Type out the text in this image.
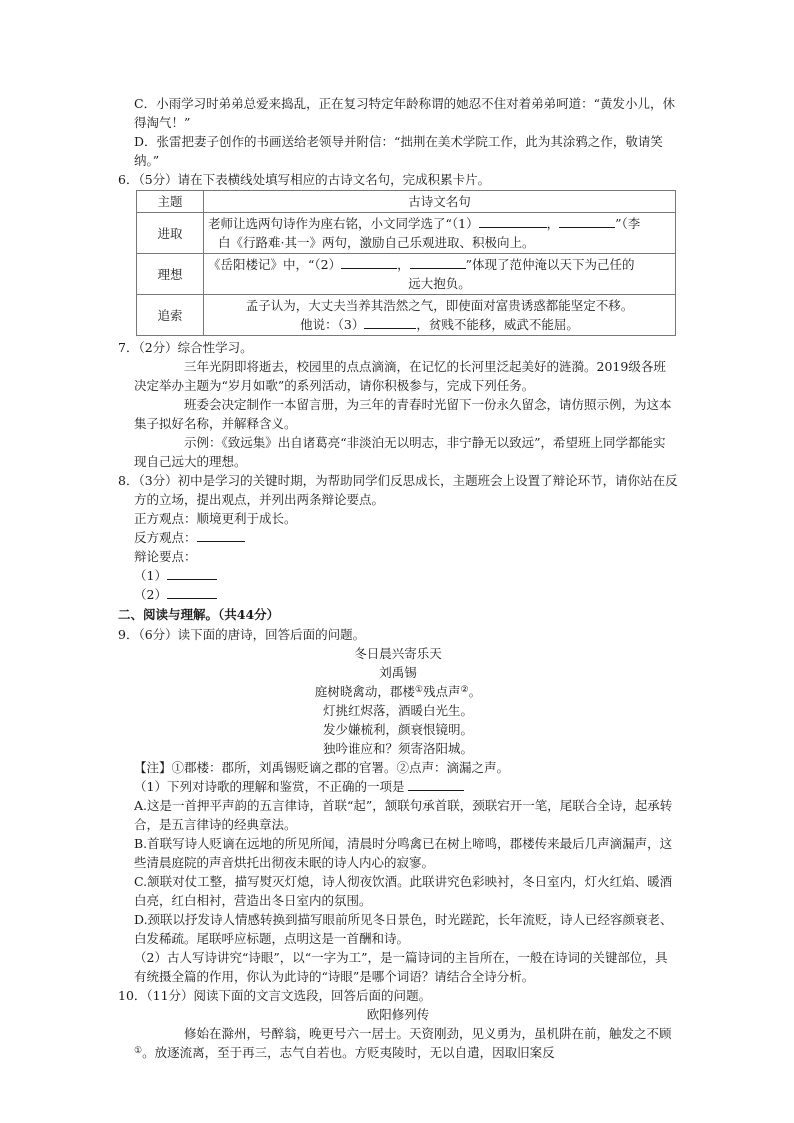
C．小雨学习时弟弟总爱来捣乱，正在复习特定年龄称谓的她忍不住对着弟弟呵道：“黄发小儿，休得淘气！”

D．张雷把妻子创作的书画送给老领导并附信：“拙荆在美术学院工作，此为其涂鸦之作，敬请笑纳。”

6．（5分）请在下表横线处填写相应的古诗文名句，完成积累卡片。

主题	古诗文名句
进取	老师让选两句诗作为座右铭，小文同学选了“（1） ， ”（李
白《行路难·其一》两句，激励自己乐观进取、积极向上。

理想	《岳阳楼记》中，“（2） ， ”体现了范仲淹以天下为己任的
远大抱负。

追索	孟子认为，大丈夫当养其浩然之气，即使面对富贵诱惑都能坚定不移。
他说：（3） ，贫贱不能移，威武不能屈。

7．（2分）综合性学习。

三年光阴即将逝去，校园里的点点滴滴，在记忆的长河里泛起美好的涟漪。2019级各班决定举办主题为“岁月如歌”的系列活动，请你积极参与，完成下列任务。

班委会决定制作一本留言册，为三年的青春时光留下一份永久留念，请仿照示例，为这本集子拟好名称，并解释含义。

示例：《致远集》出自诸葛亮“非淡泊无以明志，非宁静无以致远”，希望班上同学都能实现自己远大的理想。

8．（3分）初中是学习的关键时期，为帮助同学们反思成长，主题班会上设置了辩论环节，请你站在反方的立场，提出观点，并列出两条辩论要点。

正方观点：顺境更利于成长。

反方观点：

辩论要点：

（1）

（2）

二、阅读与理解。（共44分）

9．（6分）读下面的唐诗，回答后面的问题。

冬日晨兴寄乐天

刘禹锡

庭树晓禽动，郡楼①残点声②。

灯挑红烬落，酒暖白光生。

发少嫌梳利，颜衰恨镜明。

独吟谁应和？须寄洛阳城。

【注】①郡楼：郡所，刘禹锡贬谪之郡的官署。②点声：滴漏之声。

（1）下列对诗歌的理解和鉴赏，不正确的一项是

A.这是一首押平声韵的五言律诗，首联“起”，颔联句承首联，颈联宕开一笔，尾联合全诗，起承转合，是五言律诗的经典章法。

B.首联写诗人贬谪在远地的所见所闻，清晨时分鸣禽已在树上啼鸣，郡楼传来最后几声滴漏声，这些清晨庭院的声音烘托出彻夜未眠的诗人内心的寂寥。

C.颔联对仗工整，描写熨灭灯熄，诗人彻夜饮酒。此联讲究色彩映衬，冬日室内，灯火红焰、暖酒白亮，红白相衬，营造出冬日室内的氛围。

D.颈联以抒发诗人情感转换到描写眼前所见冬日景色，时光蹉跎，长年流贬，诗人已经容颜衰老、白发稀疏。尾联呼应标题，点明这是一首酬和诗。

（2）古人写诗讲究“诗眼”，以“一字为工”，是一篇诗词的主旨所在，一般在诗词的关键部位，具有统摄全篇的作用，你认为此诗的“诗眼”是哪个词语？请结合全诗分析。

10．（11分）阅读下面的文言文选段，回答后面的问题。

欧阳修列传

修始在滁州，号醉翁，晚更号六一居士。天资刚劲，见义勇为，虽机阱在前，触发之不顾①。放逐流离，至于再三，志气自若也。方贬夷陵时，无以自遣，因取旧案反
